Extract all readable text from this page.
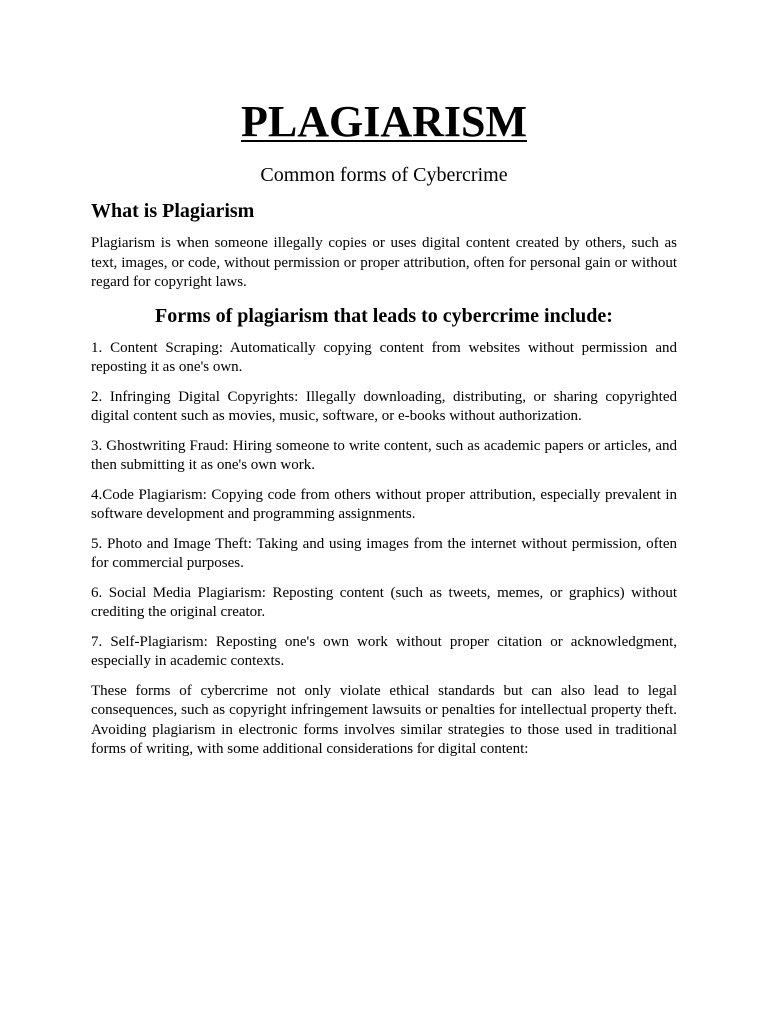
PLAGIARISM

Common forms of Cybercrime

What is Plagiarism

Plagiarism is when someone illegally copies or uses digital content created by others, such as text, images, or code, without permission or proper attribution, often for personal gain or without regard for copyright laws.

Forms of plagiarism that leads to cybercrime include:

1. Content Scraping: Automatically copying content from websites without permission and reposting it as one's own.

2. Infringing Digital Copyrights: Illegally downloading, distributing, or sharing copyrighted digital content such as movies, music, software, or e-books without authorization.

3. Ghostwriting Fraud: Hiring someone to write content, such as academic papers or articles, and then submitting it as one's own work.

4.Code Plagiarism: Copying code from others without proper attribution, especially prevalent in software development and programming assignments.

5. Photo and Image Theft: Taking and using images from the internet without permission, often for commercial purposes.

6. Social Media Plagiarism: Reposting content (such as tweets, memes, or graphics) without crediting the original creator.

7. Self-Plagiarism: Reposting one's own work without proper citation or acknowledgment, especially in academic contexts.

These forms of cybercrime not only violate ethical standards but can also lead to legal consequences, such as copyright infringement lawsuits or penalties for intellectual property theft. Avoiding plagiarism in electronic forms involves similar strategies to those used in traditional forms of writing, with some additional considerations for digital content:
